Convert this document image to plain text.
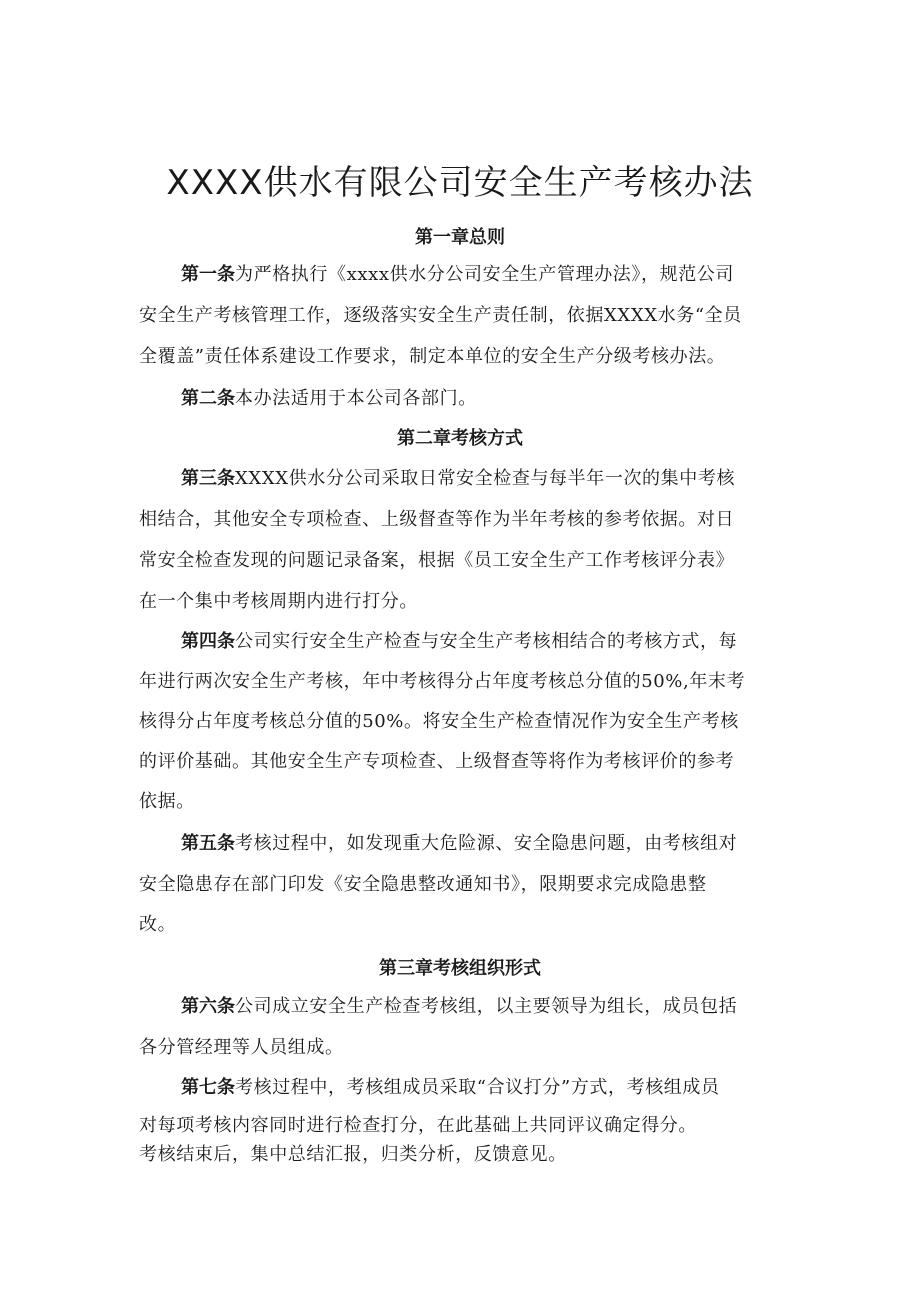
XXXX供水有限公司安全生产考核办法
第一章总则
第一条为严格执行《xxxx供水分公司安全生产管理办法》，规范公司
安全生产考核管理工作，逐级落实安全生产责任制，依据XXXX水务“全员
全覆盖”责任体系建设工作要求，制定本单位的安全生产分级考核办法。
第二条本办法适用于本公司各部门。
第二章考核方式
第三条XXXX供水分公司采取日常安全检查与每半年一次的集中考核
相结合，其他安全专项检查、上级督查等作为半年考核的参考依据。对日
常安全检查发现的问题记录备案，根据《员工安全生产工作考核评分表》
在一个集中考核周期内进行打分。
第四条公司实行安全生产检查与安全生产考核相结合的考核方式，每
年进行两次安全生产考核，年中考核得分占年度考核总分值的50%,年末考
核得分占年度考核总分值的50%。将安全生产检查情况作为安全生产考核
的评价基础。其他安全生产专项检查、上级督查等将作为考核评价的参考
依据。
第五条考核过程中，如发现重大危险源、安全隐患问题，由考核组对
安全隐患存在部门印发《安全隐患整改通知书》，限期要求完成隐患整
改。
第三章考核组织形式
第六条公司成立安全生产检查考核组，以主要领导为组长，成员包括
各分管经理等人员组成。
第七条考核过程中，考核组成员采取“合议打分”方式，考核组成员
对每项考核内容同时进行检查打分，在此基础上共同评议确定得分。
考核结束后，集中总结汇报，归类分析，反馈意见。
